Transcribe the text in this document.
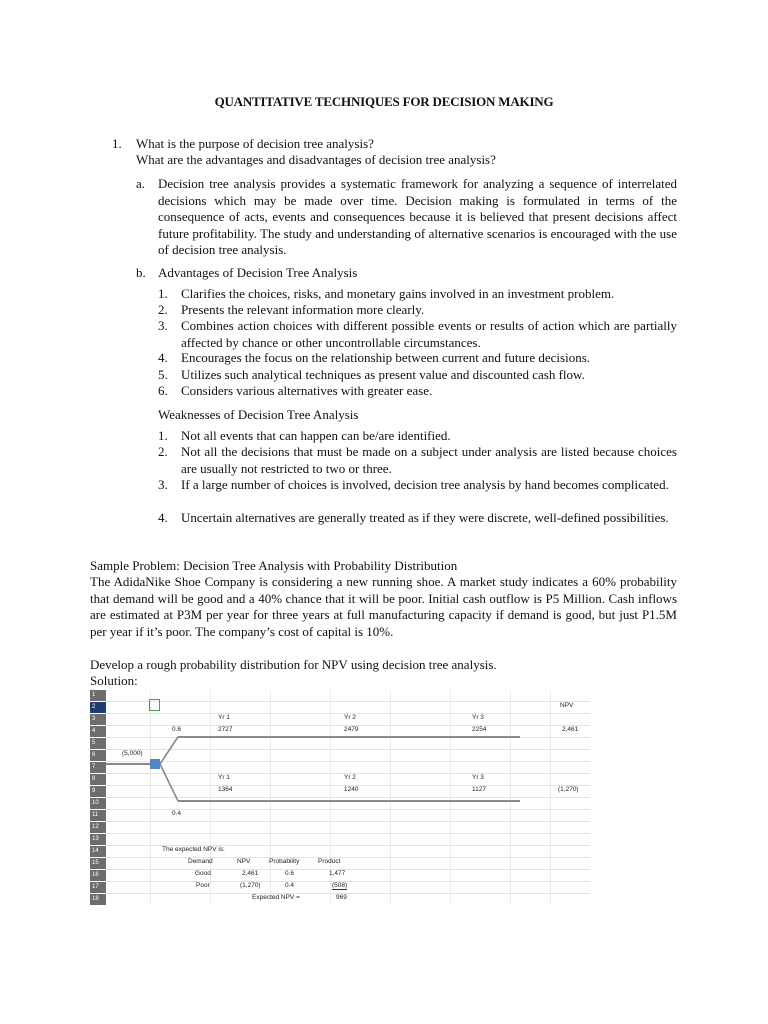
QUANTITATIVE TECHNIQUES FOR DECISION MAKING
1. What is the purpose of decision tree analysis?
What are the advantages and disadvantages of decision tree analysis?
a. Decision tree analysis provides a systematic framework for analyzing a sequence of interrelated decisions which may be made over time. Decision making is formulated in terms of the consequence of acts, events and consequences because it is believed that present decisions affect future profitability. The study and understanding of alternative scenarios is encouraged with the use of decision tree analysis.
b. Advantages of Decision Tree Analysis
1. Clarifies the choices, risks, and monetary gains involved in an investment problem.
2. Presents the relevant information more clearly.
3. Combines action choices with different possible events or results of action which are partially affected by chance or other uncontrollable circumstances.
4. Encourages the focus on the relationship between current and future decisions.
5. Utilizes such analytical techniques as present value and discounted cash flow.
6. Considers various alternatives with greater ease.
Weaknesses of Decision Tree Analysis
1. Not all events that can happen can be/are identified.
2. Not all the decisions that must be made on a subject under analysis are listed because choices are usually not restricted to two or three.
3. If a large number of choices is involved, decision tree analysis by hand becomes complicated.
4. Uncertain alternatives are generally treated as if they were discrete, well-defined possibilities.
Sample Problem: Decision Tree Analysis with Probability Distribution
The AdidaNike Shoe Company is considering a new running shoe. A market study indicates a 60% probability that demand will be good and a 40% chance that it will be poor. Initial cash outflow is P5 Million. Cash inflows are estimated at P3M per year for three years at full manufacturing capacity if demand is good, but just P1.5M per year if it’s poor. The company’s cost of capital is 10%.
Develop a rough probability distribution for NPV using decision tree analysis.
Solution:
1
2
3
4
5
6
7
8
9
10
11
12
13
14
15
16
17
18
NPV
Yr 1	Yr 2	Yr 3
0.6	2727	2479	2254	2,461
(5,000)
Yr 1	Yr 2	Yr 3
1364	1240	1127	(1,270)
0.4
The expected NPV is:
Demand	NPV	Probability	Product
Good	2,461	0.6	1,477
Poor	(1,270)	0.4	(508)
Expected NPV =	969
